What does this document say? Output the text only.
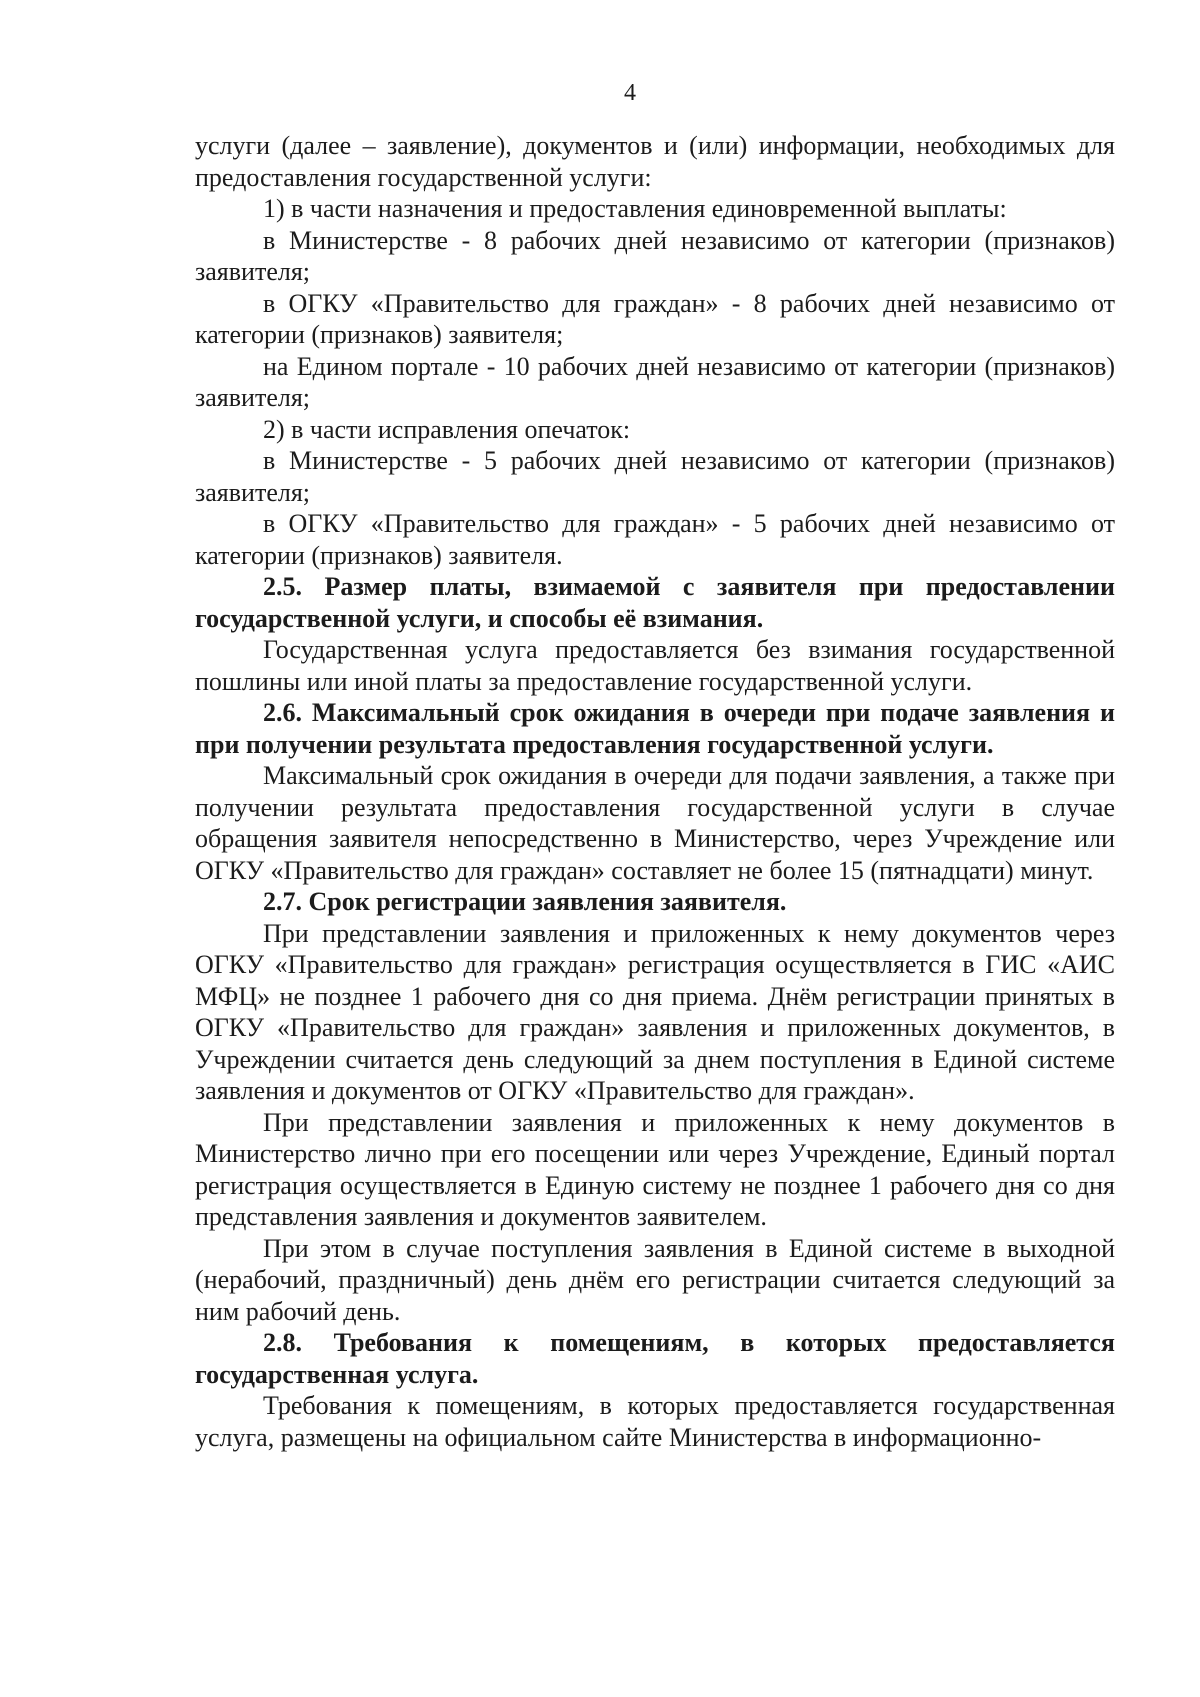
4

услуги (далее – заявление), документов и (или) информации, необходимых для предоставления государственной услуги:

1) в части назначения и предоставления единовременной выплаты:

в Министерстве - 8 рабочих дней независимо от категории (признаков) заявителя;

в ОГКУ «Правительство для граждан» - 8 рабочих дней независимо от категории (признаков) заявителя;

на Едином портале - 10 рабочих дней независимо от категории (признаков) заявителя;

2) в части исправления опечаток:

в Министерстве - 5 рабочих дней независимо от категории (признаков) заявителя;

в ОГКУ «Правительство для граждан» - 5 рабочих дней независимо от категории (признаков) заявителя.

2.5. Размер платы, взимаемой с заявителя при предоставлении государственной услуги, и способы её взимания.

Государственная услуга предоставляется без взимания государственной пошлины или иной платы за предоставление государственной услуги.

2.6. Максимальный срок ожидания в очереди при подаче заявления и при получении результата предоставления государственной услуги.

Максимальный срок ожидания в очереди для подачи заявления, а также при получении результата предоставления государственной услуги в случае обращения заявителя непосредственно в Министерство, через Учреждение или ОГКУ «Правительство для граждан» составляет не более 15 (пятнадцати) минут.

2.7. Срок регистрации заявления заявителя.

При представлении заявления и приложенных к нему документов через ОГКУ «Правительство для граждан» регистрация осуществляется в ГИС «АИС МФЦ» не позднее 1 рабочего дня со дня приема. Днём регистрации принятых в ОГКУ «Правительство для граждан» заявления и приложенных документов, в Учреждении считается день следующий за днем поступления в Единой системе заявления и документов от ОГКУ «Правительство для граждан».

При представлении заявления и приложенных к нему документов в Министерство лично при его посещении или через Учреждение, Единый портал регистрация осуществляется в Единую систему не позднее 1 рабочего дня со дня представления заявления и документов заявителем.

При этом в случае поступления заявления в Единой системе в выходной (нерабочий, праздничный) день днём его регистрации считается следующий за ним рабочий день.

2.8. Требования к помещениям, в которых предоставляется государственная услуга.

Требования к помещениям, в которых предоставляется государственная услуга, размещены на официальном сайте Министерства в информационно-
